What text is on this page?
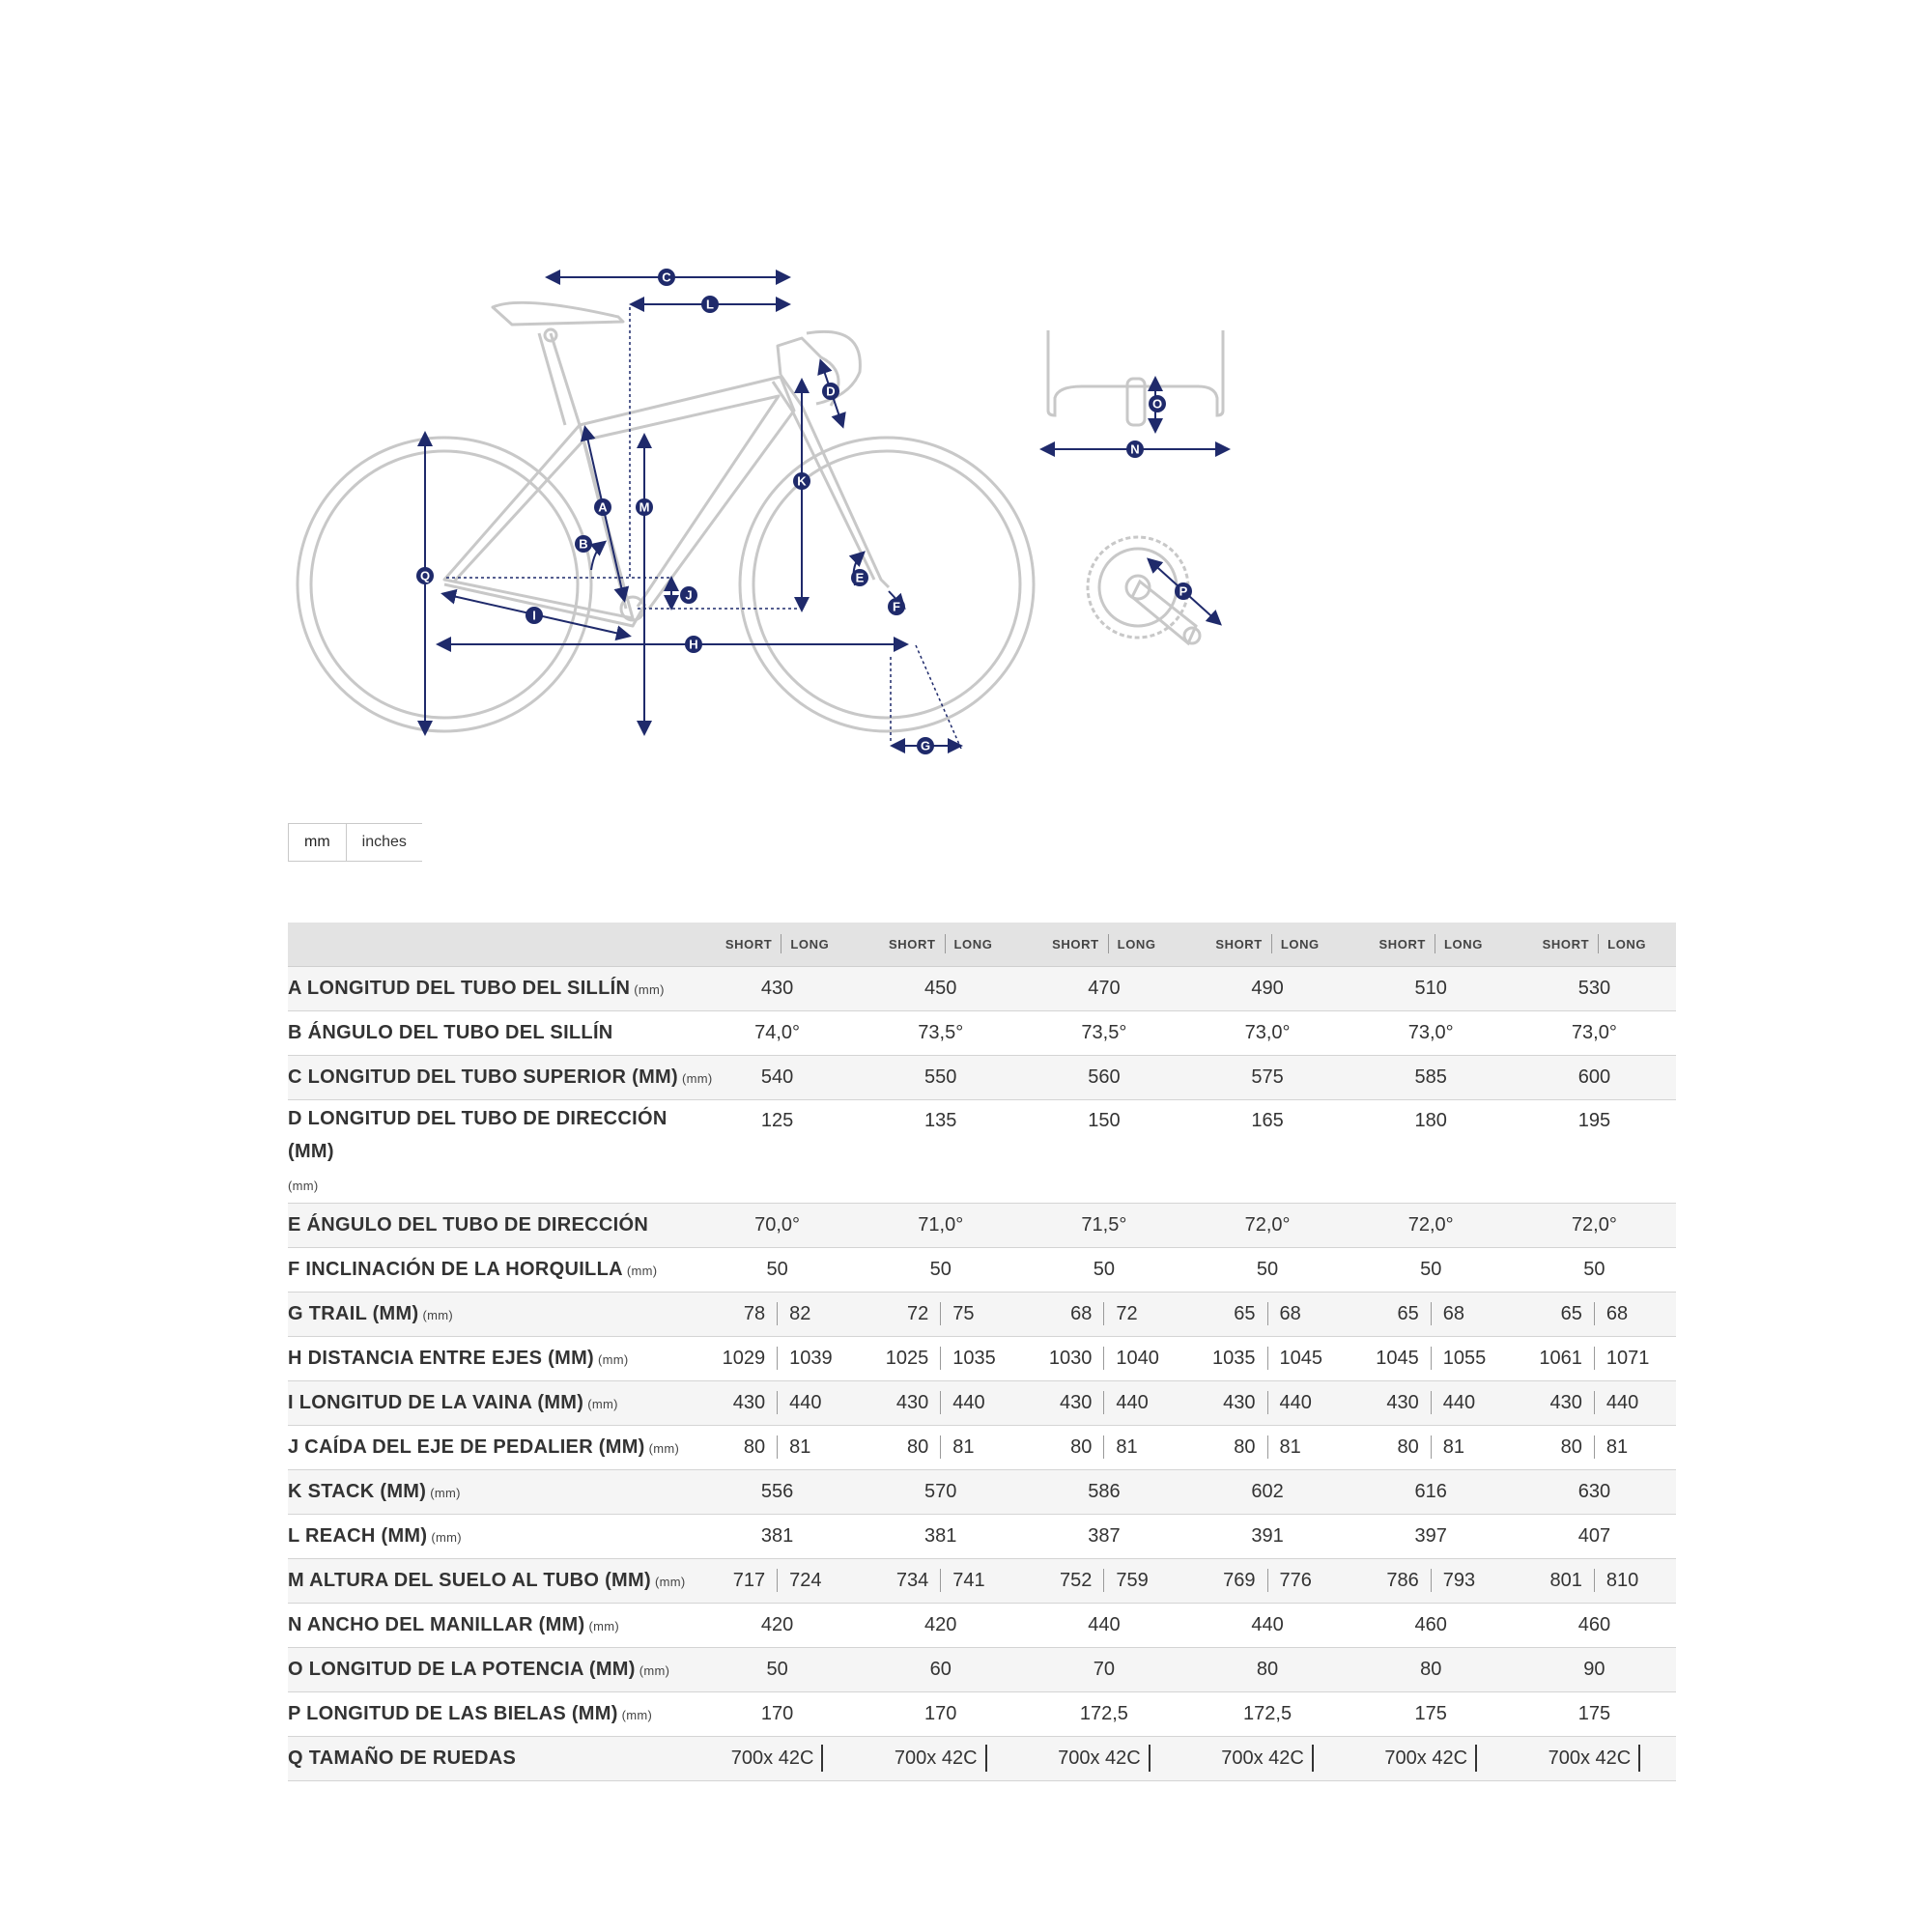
A
B
C
D
E
F
G
H
I
J
K
L
M
N
O
P
Q
mm	inches

	SHORT LONG	SHORT LONG	SHORT LONG	SHORT LONG	SHORT LONG	SHORT LONG

A LONGITUD DEL TUBO DEL SILLÍN (mm)	430	450	470	490	510	530
B ÁNGULO DEL TUBO DEL SILLÍN	74,0°	73,5°	73,5°	73,0°	73,0°	73,0°
C LONGITUD DEL TUBO SUPERIOR (MM) (mm)	540	550	560	575	585	600
D LONGITUD DEL TUBO DE DIRECCIÓN (MM)
(mm)	125	135	150	165	180	195
E ÁNGULO DEL TUBO DE DIRECCIÓN	70,0°	71,0°	71,5°	72,0°	72,0°	72,0°
F INCLINACIÓN DE LA HORQUILLA (mm)	50	50	50	50	50	50
G TRAIL (MM) (mm)	78 82	72 75	68 72	65 68	65 68	65 68

H DISTANCIA ENTRE EJES (MM) (mm)	1029 1039	1025 1035	1030 1040	1035 1045	1045 1055	1061 1071

I LONGITUD DE LA VAINA (MM) (mm)	430 440	430 440	430 440	430 440	430 440	430 440

J CAÍDA DEL EJE DE PEDALIER (MM) (mm)	80 81	80 81	80 81	80 81	80 81	80 81

K STACK (MM) (mm)	556	570	586	602	616	630
L REACH (MM) (mm)	381	381	387	391	397	407
M ALTURA DEL SUELO AL TUBO (MM) (mm)	717 724	734 741	752 759	769 776	786 793	801 810

N ANCHO DEL MANILLAR (MM) (mm)	420	420	440	440	460	460
O LONGITUD DE LA POTENCIA (MM) (mm)	50	60	70	80	80	90
P LONGITUD DE LAS BIELAS (MM) (mm)	170	170	172,5	172,5	175	175
Q TAMAÑO DE RUEDAS	700x 42C	700x 42C	700x 42C	700x 42C	700x 42C	700x 42C
